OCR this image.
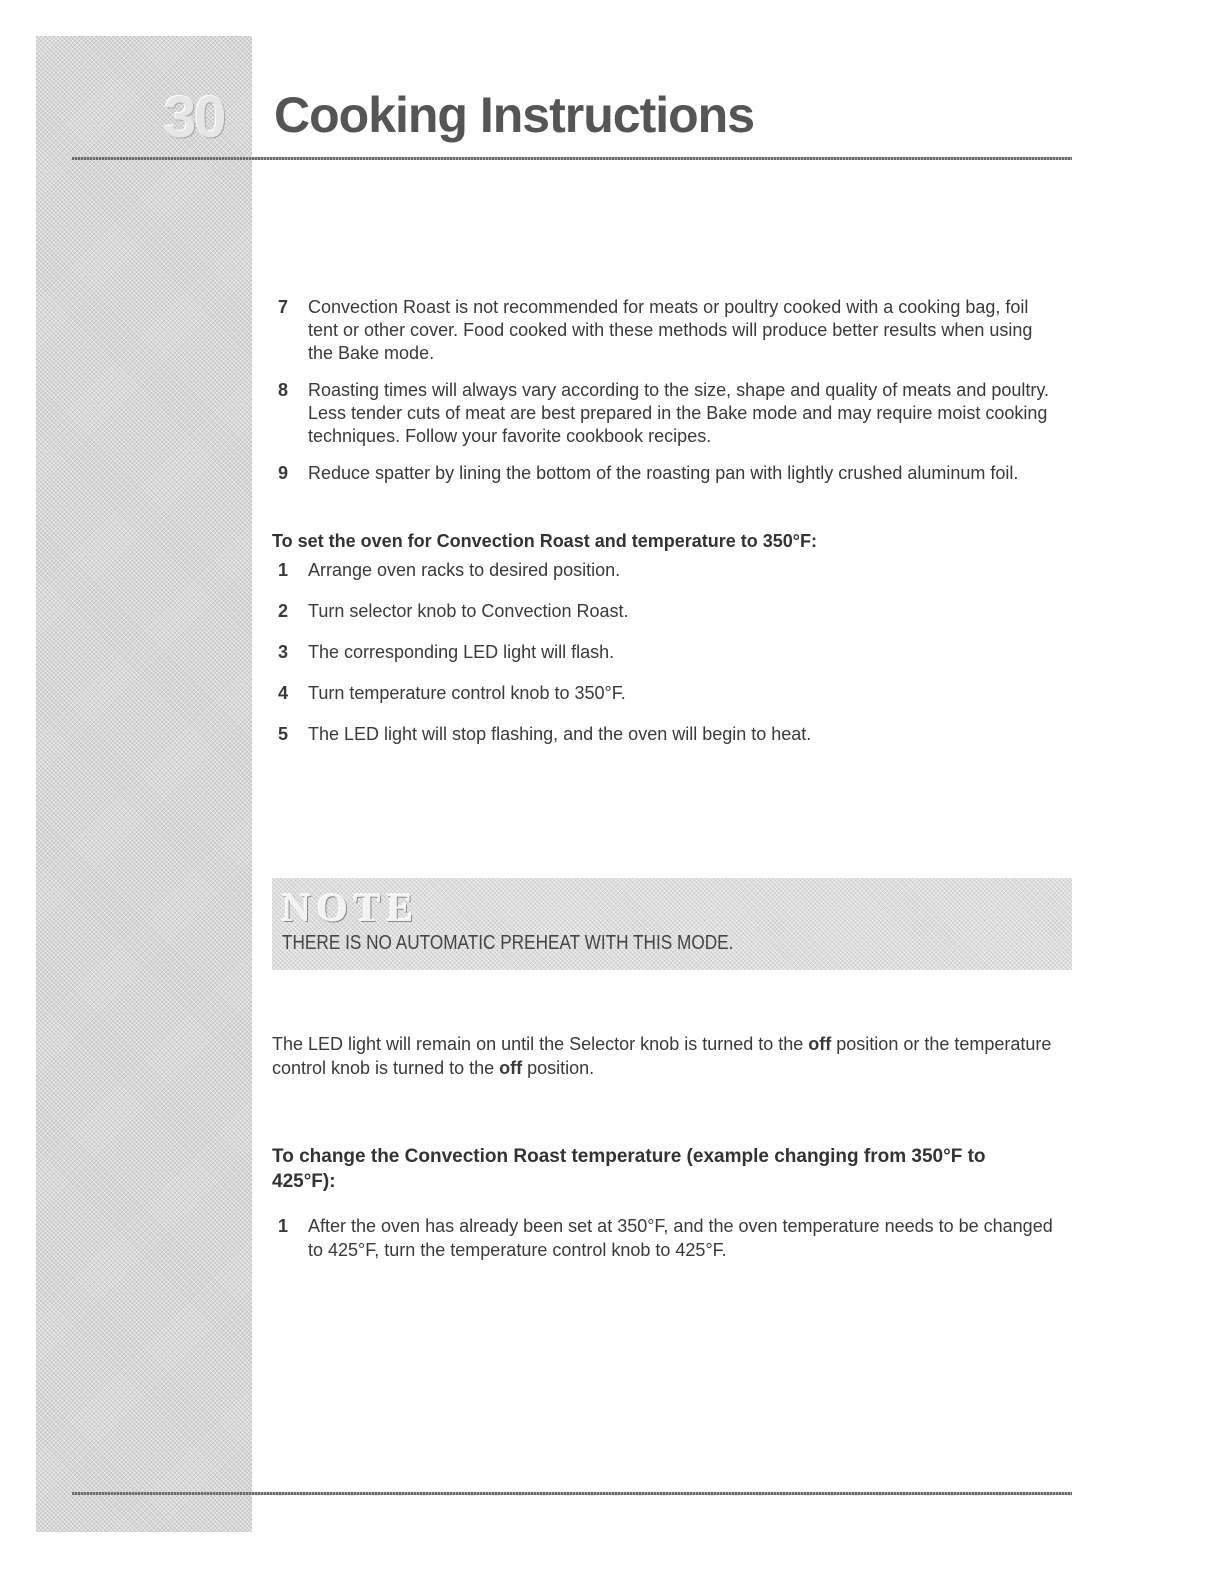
30 Cooking Instructions
7	Convection Roast is not recommended for meats or poultry cooked with a cooking bag, foil tent or other cover. Food cooked with these methods will produce better results when using the Bake mode.
8	Roasting times will always vary according to the size, shape and quality of meats and poultry. Less tender cuts of meat are best prepared in the Bake mode and may require moist cooking techniques. Follow your favorite cookbook recipes.
9	Reduce spatter by lining the bottom of the roasting pan with lightly crushed aluminum foil.
To set the oven for Convection Roast and temperature to 350°F:
1	Arrange oven racks to desired position.
2	Turn selector knob to Convection Roast.
3	The corresponding LED light will flash.
4	Turn temperature control knob to 350°F.
5	The LED light will stop flashing, and the oven will begin to heat.
NOTE
THERE IS NO AUTOMATIC PREHEAT WITH THIS MODE.
The LED light will remain on until the Selector knob is turned to the off position or the temperature control knob is turned to the off position.
To change the Convection Roast temperature (example changing from 350°F to 425°F):
1	After the oven has already been set at 350°F, and the oven temperature needs to be changed to 425°F, turn the temperature control knob to 425°F.
